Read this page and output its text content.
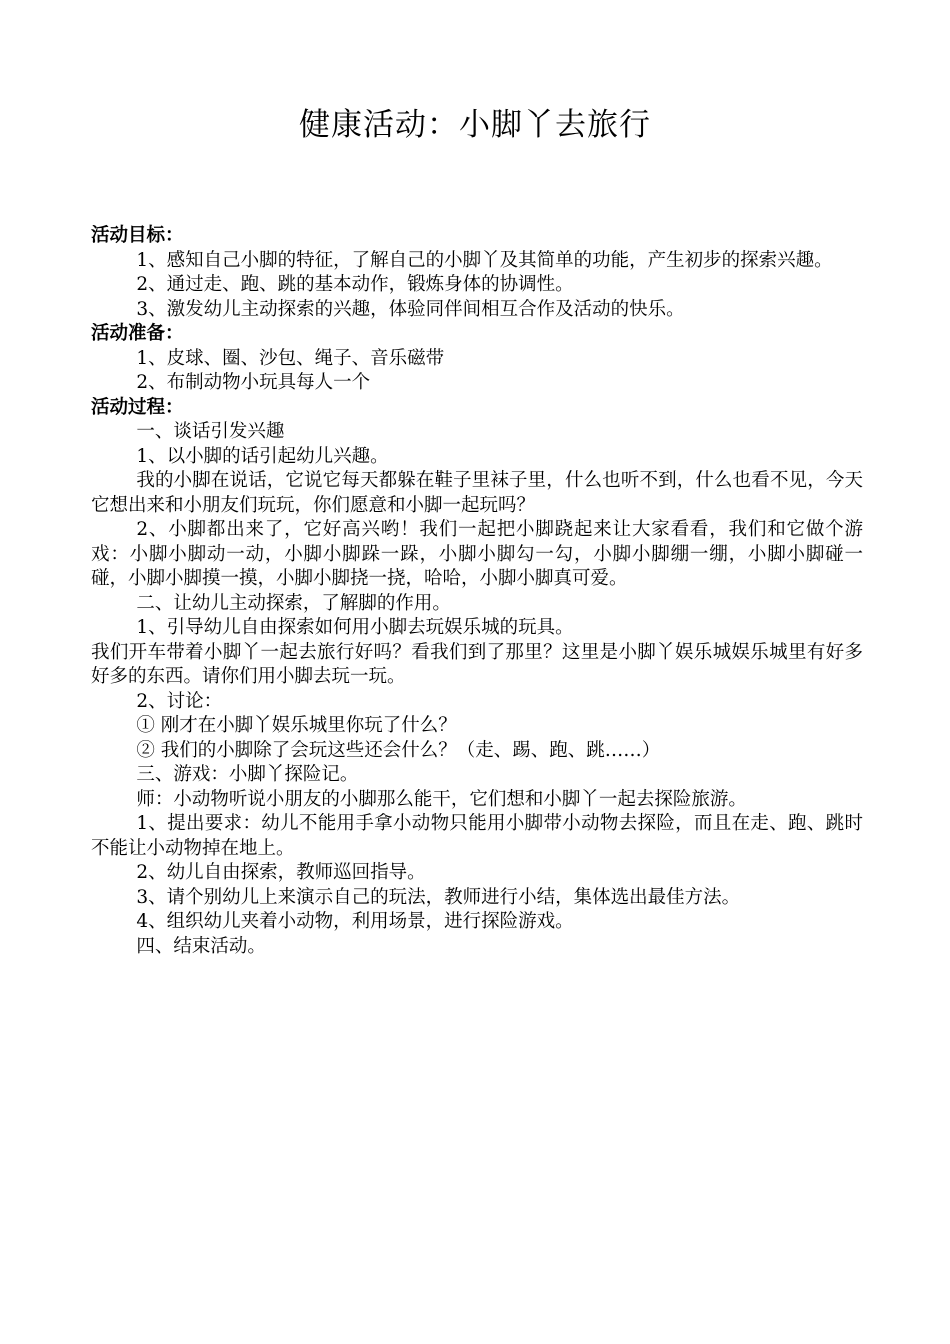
健康活动：小脚丫去旅行
活动目标：

1、感知自己小脚的特征，了解自己的小脚丫及其简单的功能，产生初步的探索兴趣。

2、通过走、跑、跳的基本动作，锻炼身体的协调性。

3、激发幼儿主动探索的兴趣，体验同伴间相互合作及活动的快乐。

活动准备：

1、皮球、圈、沙包、绳子、音乐磁带

2、布制动物小玩具每人一个

活动过程：

一、谈话引发兴趣

1、以小脚的话引起幼儿兴趣。

我的小脚在说话，它说它每天都躲在鞋子里袜子里，什么也听不到，什么也看不见，今天它想出来和小朋友们玩玩，你们愿意和小脚一起玩吗？

2、小脚都出来了，它好高兴哟！我们一起把小脚跷起来让大家看看，我们和它做个游戏：小脚小脚动一动，小脚小脚跺一跺，小脚小脚勾一勾，小脚小脚绷一绷，小脚小脚碰一碰，小脚小脚摸一摸，小脚小脚挠一挠，哈哈，小脚小脚真可爱。

二、让幼儿主动探索，了解脚的作用。

1、引导幼儿自由探索如何用小脚去玩娱乐城的玩具。

我们开车带着小脚丫一起去旅行好吗？看我们到了那里？这里是小脚丫娱乐城娱乐城里有好多好多的东西。请你们用小脚去玩一玩。

2、讨论：

① 刚才在小脚丫娱乐城里你玩了什么？

② 我们的小脚除了会玩这些还会什么？（走、踢、跑、跳……）

三、游戏：小脚丫探险记。

师：小动物听说小朋友的小脚那么能干，它们想和小脚丫一起去探险旅游。

1、提出要求：幼儿不能用手拿小动物只能用小脚带小动物去探险，而且在走、跑、跳时不能让小动物掉在地上。

2、幼儿自由探索，教师巡回指导。

3、请个别幼儿上来演示自己的玩法，教师进行小结，集体选出最佳方法。

4、组织幼儿夹着小动物，利用场景，进行探险游戏。

四、结束活动。
